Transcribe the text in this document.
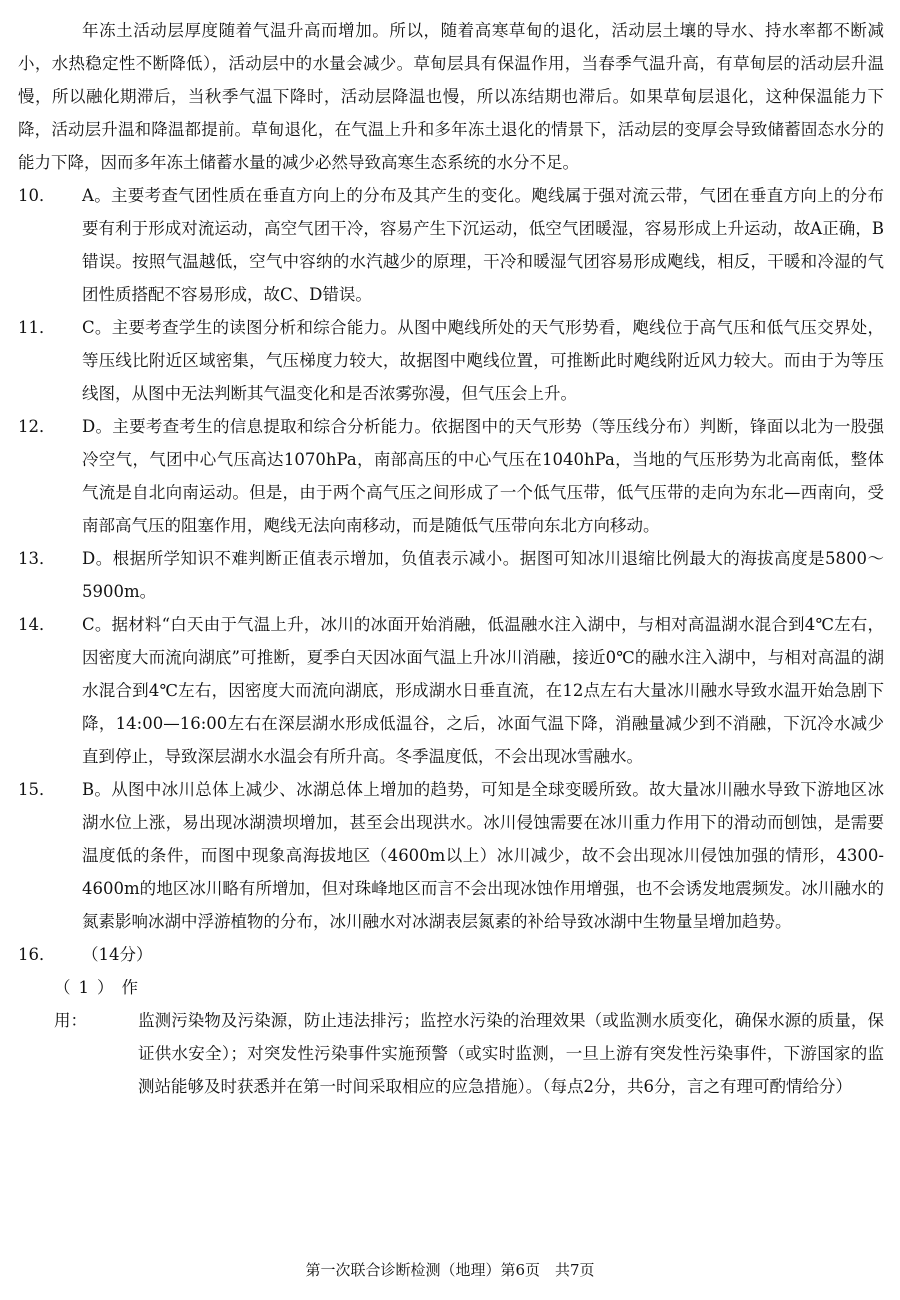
年冻土活动层厚度随着气温升高而增加。所以，随着高寒草甸的退化，活动层土壤的导水、持水率都不断减小，水热稳定性不断降低），活动层中的水量会减少。草甸层具有保温作用，当春季气温升高，有草甸层的活动层升温慢，所以融化期滞后，当秋季气温下降时，活动层降温也慢，所以冻结期也滞后。如果草甸层退化，这种保温能力下降，活动层升温和降温都提前。草甸退化，在气温上升和多年冻土退化的情景下，活动层的变厚会导致储蓄固态水分的能力下降，因而多年冻土储蓄水量的减少必然导致高寒生态系统的水分不足。

10． A。主要考查气团性质在垂直方向上的分布及其产生的变化。飑线属于强对流云带，气团在垂直方向上的分布要有利于形成对流运动，高空气团干冷，容易产生下沉运动，低空气团暖湿，容易形成上升运动，故A正确，B错误。按照气温越低，空气中容纳的水汽越少的原理，干冷和暖湿气团容易形成飑线，相反，干暖和冷湿的气团性质搭配不容易形成，故C、D错误。

11． C。主要考查学生的读图分析和综合能力。从图中飑线所处的天气形势看，飑线位于高气压和低气压交界处，等压线比附近区域密集，气压梯度力较大，故据图中飑线位置，可推断此时飑线附近风力较大。而由于为等压线图，从图中无法判断其气温变化和是否浓雾弥漫，但气压会上升。

12． D。主要考查考生的信息提取和综合分析能力。依据图中的天气形势（等压线分布）判断，锋面以北为一股强冷空气，气团中心气压高达1070hPa，南部高压的中心气压在1040hPa，当地的气压形势为北高南低，整体气流是自北向南运动。但是，由于两个高气压之间形成了一个低气压带，低气压带的走向为东北—西南向，受南部高气压的阻塞作用，飑线无法向南移动，而是随低气压带向东北方向移动。

13． D。根据所学知识不难判断正值表示增加，负值表示减小。据图可知冰川退缩比例最大的海拔高度是5800～5900m。

14． C。据材料“白天由于气温上升，冰川的冰面开始消融，低温融水注入湖中，与相对高温湖水混合到4℃左右，因密度大而流向湖底”可推断，夏季白天因冰面气温上升冰川消融，接近0℃的融水注入湖中，与相对高温的湖水混合到4℃左右，因密度大而流向湖底，形成湖水日垂直流，在12点左右大量冰川融水导致水温开始急剧下降，14:00—16:00左右在深层湖水形成低温谷，之后，冰面气温下降，消融量减少到不消融，下沉冷水减少直到停止，导致深层湖水水温会有所升高。冬季温度低，不会出现冰雪融水。

15． B。从图中冰川总体上减少、冰湖总体上增加的趋势，可知是全球变暖所致。故大量冰川融水导致下游地区冰湖水位上涨，易出现冰湖溃坝增加，甚至会出现洪水。冰川侵蚀需要在冰川重力作用下的滑动而刨蚀，是需要温度低的条件，而图中现象高海拔地区（4600m以上）冰川减少，故不会出现冰川侵蚀加强的情形，4300-4600m的地区冰川略有所增加，但对珠峰地区而言不会出现冰蚀作用增强，也不会诱发地震频发。冰川融水的氮素影响冰湖中浮游植物的分布，冰川融水对冰湖表层氮素的补给导致冰湖中生物量呈增加趋势。

16． （14分）

（1）作用：	监测污染物及污染源，防止违法排污；监控水污染的治理效果（或监测水质变化，确保水源的质量，保证供水安全）；对突发性污染事件实施预警（或实时监测，一旦上游有突发性污染事件，下游国家的监测站能够及时获悉并在第一时间采取相应的应急措施）。（每点2分，共6分，言之有理可酌情给分）

第一次联合诊断检测（地理）第6页　共7页
